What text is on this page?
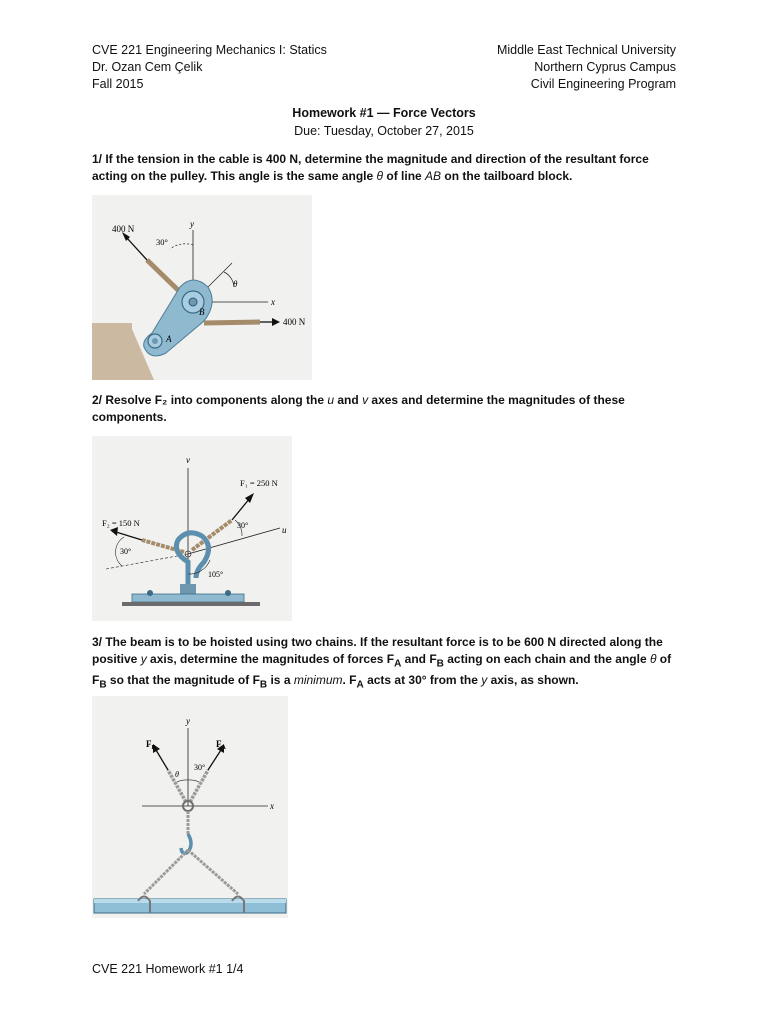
CVE 221 Engineering Mechanics I: Statics
Dr. Ozan Cem Çelik
Fall 2015
Middle East Technical University
Northern Cyprus Campus
Civil Engineering Program
Homework #1 — Force Vectors
Due: Tuesday, October 27, 2015
1/ If the tension in the cable is 400 N, determine the magnitude and direction of the resultant force acting on the pulley. This angle is the same angle θ of line AB on the tailboard block.
y
x
θ
400 N
30°
400 N
B
A
2/ Resolve F₂ into components along the u and v axes and determine the magnitudes of these components.
v
u
F₁ = 250 N
30°
F₂ = 150 N
30°
105°
3/ The beam is to be hoisted using two chains. If the resultant force is to be 600 N directed along the positive y axis, determine the magnitudes of forces $F_A$ and $F_B$ acting on each chain and the angle θ of $F_B$ so that the magnitude of $F_B$ is a minimum. $F_A$ acts at 30° from the y axis, as shown.
y
x
$F_B$	$F_A$
θ
30°
CVE 221 Homework #1 1/4
